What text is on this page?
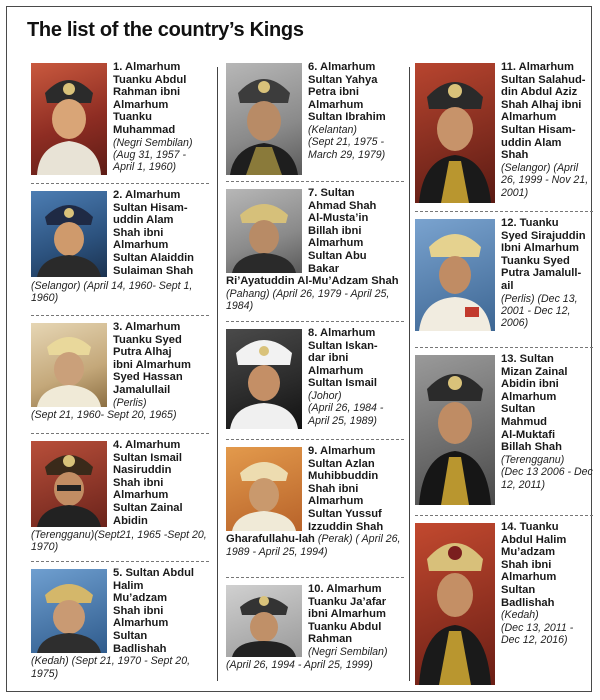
The list of the country’s Kings
1. Almarhum
Tuanku Abdul
Rahman ibni
Almarhum
Tuanku
Muhammad
(Negri Sembilan)
(Aug 31, 1957 - April 1, 1960)
2. Almarhum
Sultan Hisam-
uddin Alam
Shah ibni
Almarhum
Sultan Alaiddin
Sulaiman Shah
(Selangor) (April 14, 1960- Sept 1, 1960)
3. Almarhum
Tuanku Syed
Putra Alhaj
ibni Almarhum
Syed Hassan
Jamalullail
(Perlis)
(Sept 21, 1960- Sept 20, 1965)
4. Almarhum
Sultan Ismail
Nasiruddin
Shah ibni
Almarhum
Sultan Zainal
Abidin
(Terengganu)(Sept21, 1965 -Sept 20, 1970)
5. Sultan Abdul
Halim
Mu’adzam
Shah ibni
Almarhum
Sultan
Badlishah
(Kedah) (Sept 21, 1970 - Sept 20, 1975)
6. Almarhum
Sultan Yahya
Petra ibni
Almarhum
Sultan Ibrahim
(Kelantan)
(Sept 21, 1975 - March 29, 1979)
7. Sultan
Ahmad Shah
Al-Musta’in
Billah ibni
Almarhum
Sultan Abu
Bakar
Ri’Ayatuddin Al-Mu’Adzam Shah (Pahang) (April 26, 1979 - April 25, 1984)
8. Almarhum
Sultan Iskan-
dar ibni
Almarhum
Sultan Ismail
(Johor)
(April 26, 1984 - April 25, 1989)
9. Almarhum
Sultan Azlan
Muhibbuddin
Shah ibni
Almarhum
Sultan Yussuf
Izzuddin Shah
Gharafullahu-lah (Perak) ( April 26, 1989 - April 25, 1994)
10. Almarhum
Tuanku Ja’afar
ibni Almarhum
Tuanku Abdul
Rahman
(Negri Sembilan)
(April 26, 1994 - April 25, 1999)
11. Almarhum
Sultan Salahud-
din Abdul Aziz
Shah Alhaj ibni
Almarhum
Sultan Hisam-
uddin Alam
Shah
(Selangor) (April 26, 1999 - Nov 21, 2001)
12. Tuanku
Syed Sirajuddin
Ibni Almarhum
Tuanku Syed
Putra Jamalull-
ail
(Perlis) (Dec 13, 2001 - Dec 12, 2006)
13. Sultan
Mizan Zainal
Abidin ibni
Almarhum
Sultan
Mahmud
Al-Muktafi
Billah Shah
(Terengganu)
(Dec 13 2006 - Dec 12, 2011)
14. Tuanku
Abdul Halim
Mu’adzam
Shah ibni
Almarhum
Sultan
Badlishah
(Kedah)
(Dec 13, 2011 - Dec 12, 2016)
